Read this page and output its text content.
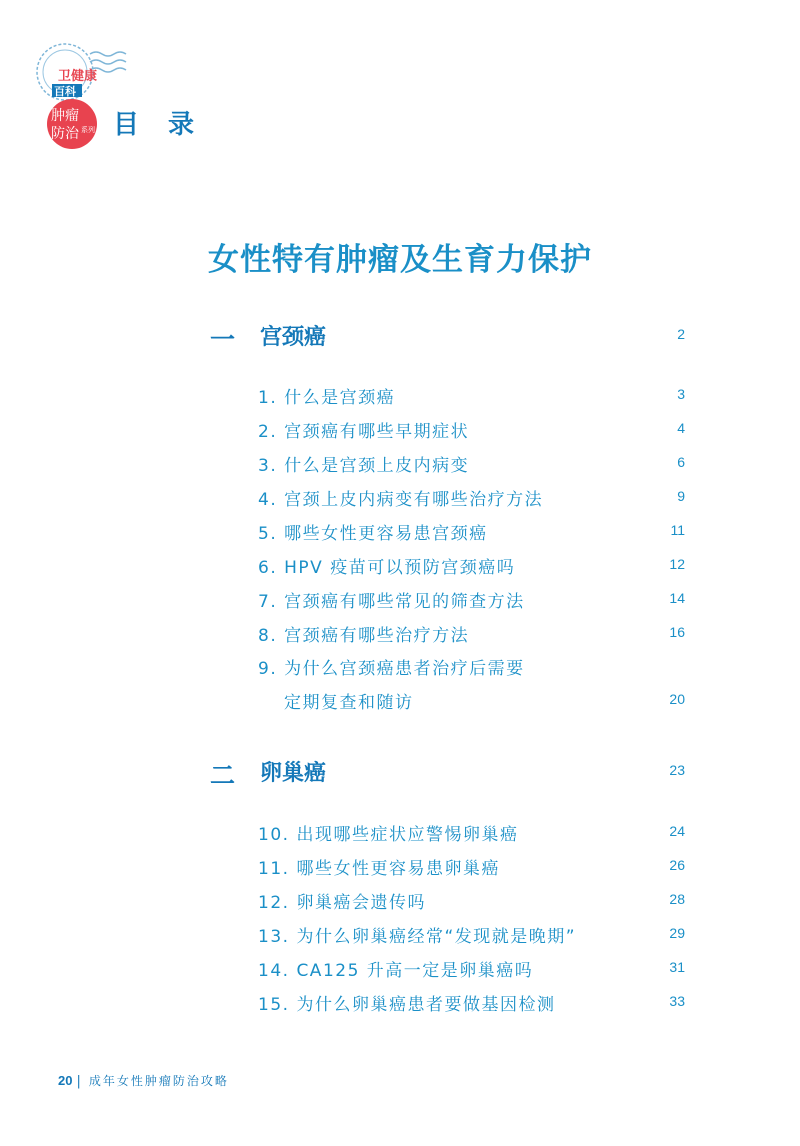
卫健康
百科
肿瘤
防治 系列 目 录
女性特有肿瘤及生育力保护
一 宫颈癌	2
1. 什么是宫颈癌	3
2. 宫颈癌有哪些早期症状	4
3. 什么是宫颈上皮内病变	6
4. 宫颈上皮内病变有哪些治疗方法	9
5. 哪些女性更容易患宫颈癌	11
6. HPV 疫苗可以预防宫颈癌吗	12
7. 宫颈癌有哪些常见的筛查方法	14
8. 宫颈癌有哪些治疗方法	16
9. 为什么宫颈癌患者治疗后需要
定期复查和随访	20
二 卵巢癌	23
10. 出现哪些症状应警惕卵巢癌	24
11. 哪些女性更容易患卵巢癌	26
12. 卵巢癌会遗传吗	28
13. 为什么卵巢癌经常“发现就是晚期”	29
14. CA125 升高一定是卵巢癌吗	31
15. 为什么卵巢癌患者要做基因检测	33
20 | 成年女性肿瘤防治攻略
